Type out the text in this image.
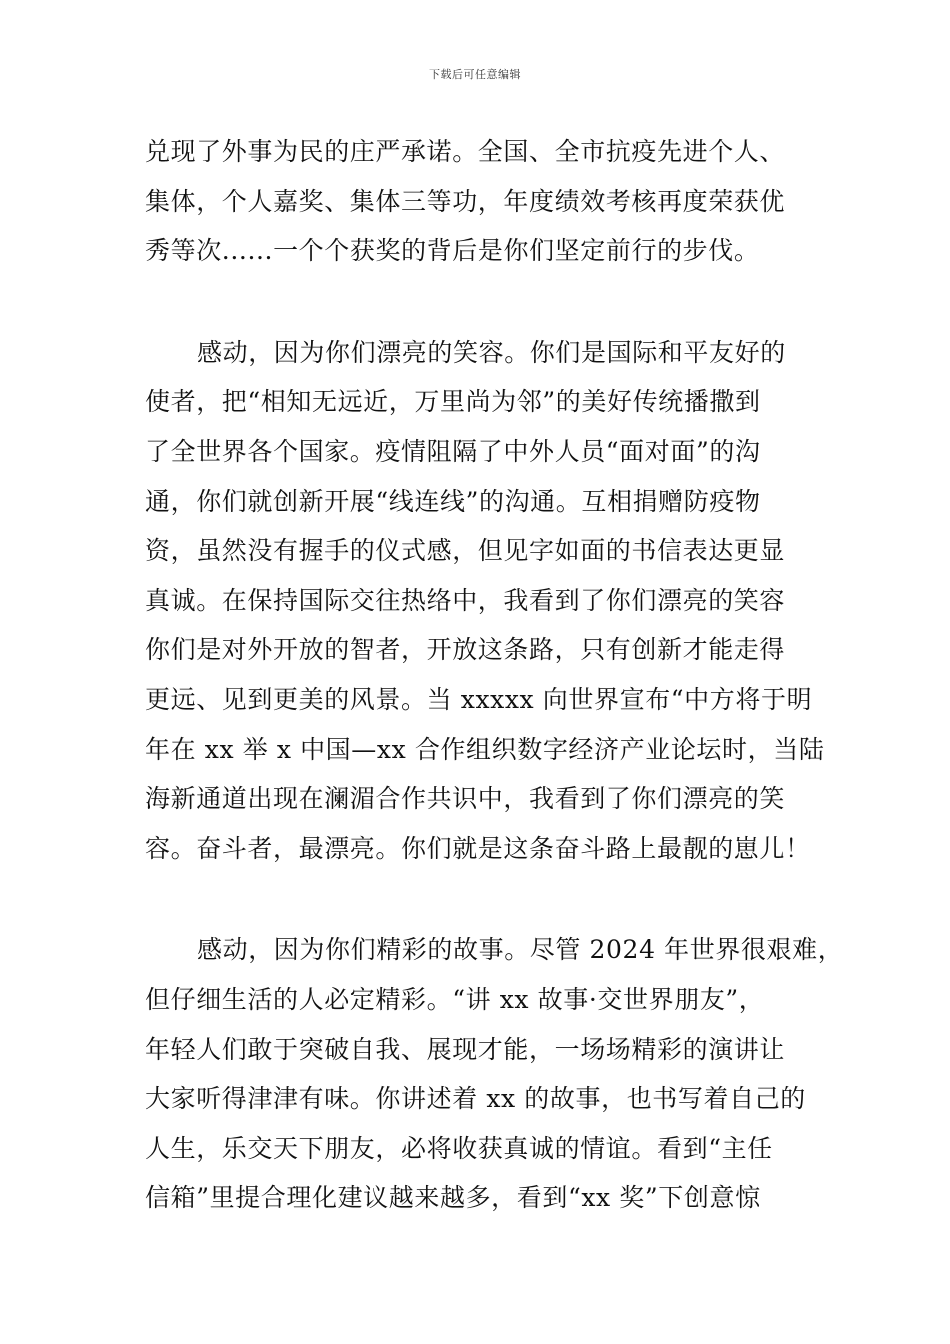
下载后可任意编辑
兑现了外事为民的庄严承诺。全国、全市抗疫先进个人、
集体，个人嘉奖、集体三等功，年度绩效考核再度荣获优
秀等次......一个个获奖的背后是你们坚定前行的步伐。
感动，因为你们漂亮的笑容。你们是国际和平友好的
使者，把“相知无远近，万里尚为邻”的美好传统播撒到
了全世界各个国家。疫情阻隔了中外人员“面对面”的沟
通，你们就创新开展“线连线”的沟通。互相捐赠防疫物
资，虽然没有握手的仪式感，但见字如面的书信表达更显
真诚。在保持国际交往热络中，我看到了你们漂亮的笑容
你们是对外开放的智者，开放这条路，只有创新才能走得
更远、见到更美的风景。当 xxxxx 向世界宣布“中方将于明
年在 xx 举 x 中国—xx 合作组织数字经济产业论坛时，当陆
海新通道出现在澜湄合作共识中，我看到了你们漂亮的笑
容。奋斗者，最漂亮。你们就是这条奋斗路上最靓的崽儿！
感动，因为你们精彩的故事。尽管 2024 年世界很艰难，
但仔细生活的人必定精彩。“讲 xx 故事·交世界朋友”，
年轻人们敢于突破自我、展现才能，一场场精彩的演讲让
大家听得津津有味。你讲述着 xx 的故事，也书写着自己的
人生，乐交天下朋友，必将收获真诚的情谊。看到“主任
信箱”里提合理化建议越来越多，看到“xx 奖”下创意惊
